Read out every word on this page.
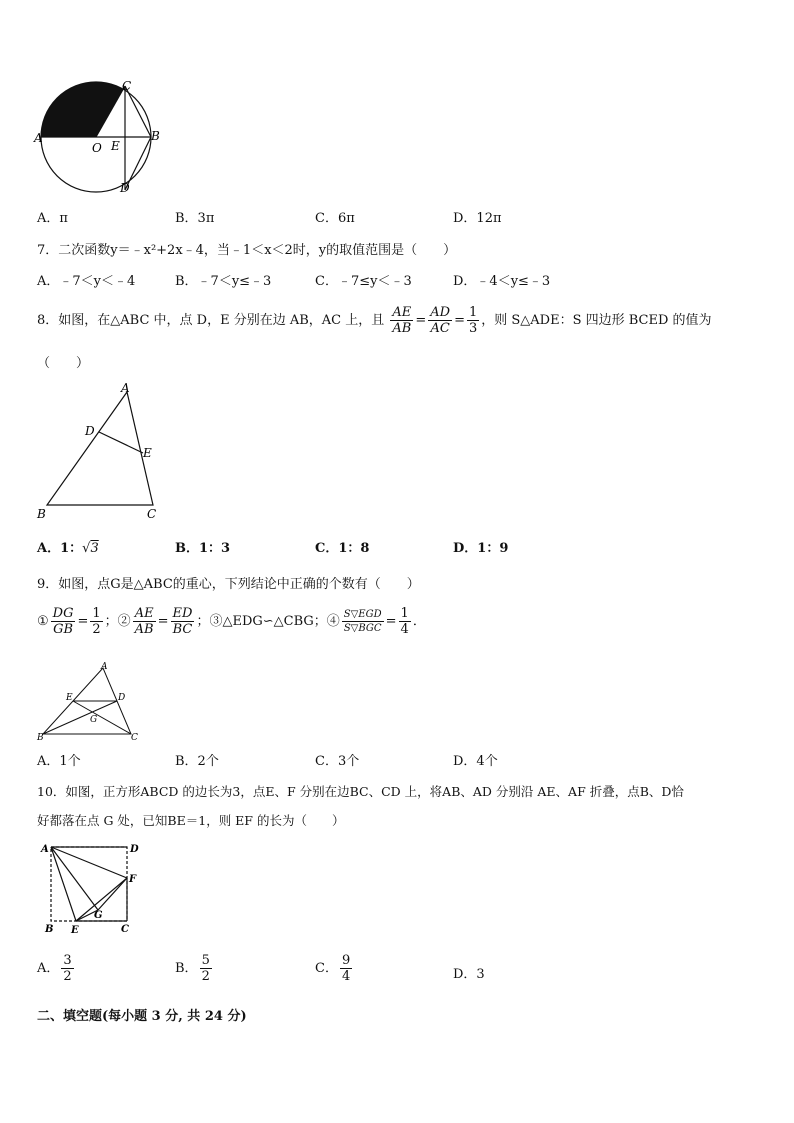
A
C
B
O E
D
A．π	B．3π	C．6π	D．12π
7．二次函数y＝﹣x²+2x﹣4，当﹣1＜x＜2时，y的取值范围是（　　）
A．﹣7＜y＜﹣4	B．﹣7＜y≤﹣3	C．﹣7≤y＜﹣3	D．﹣4＜y≤﹣3
8．如图，在△ABC 中，点 D，E 分别在边 AB，AC 上，且 $\frac{AE}{AB} = \frac{AD}{AC} = \frac{1}{3}$ ，则 S△ADE：S 四边形 BCED 的值为
（　　）
A
D
E
B	C
A．1：√3	B．1：3	C．1：8	D．1：9
9．如图，点G是△ABC的重心，下列结论中正确的个数有（　　）
① $\frac{DG}{GB} = \frac{1}{2}$ ；② $\frac{AE}{AB} = \frac{ED}{BC}$ ；③△EDG∽△CBG；④ $\frac{\text{S▽EGD}}{\text{S▽BGC}} = \frac{1}{4}$ ．
A
E	D
G
B	C
A．1个	B．2个	C．3个	D．4个
10．如图，正方形ABCD 的边长为3，点E、F 分别在边BC、CD 上，将AB、AD 分别沿 AE、AF 折叠，点B、D恰
好都落在点 G 处，已知BE＝1，则 EF 的长为（　　）
A	D
F
G
B E	C
A． $\frac{3}{2}$	B． $\frac{5}{2}$	C． $\frac{9}{4}$	D．3
二、填空题(每小题 3 分, 共 24 分)
